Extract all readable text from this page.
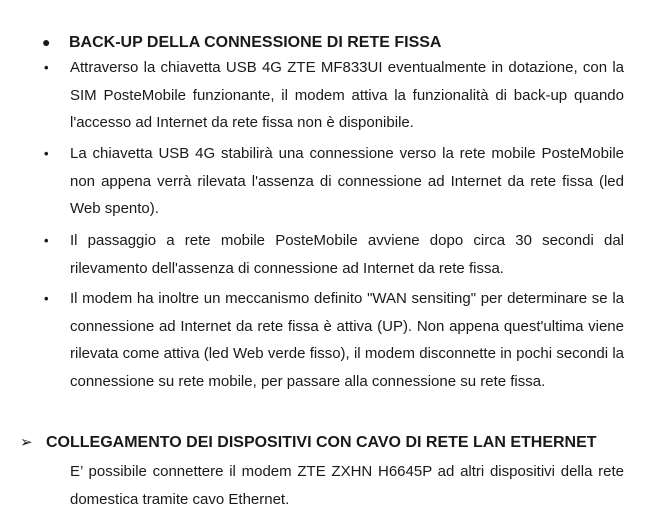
● BACK-UP DELLA CONNESSIONE DI RETE FISSA
•	Attraverso la chiavetta USB 4G ZTE MF833UI eventualmente in dotazione, con la SIM PosteMobile funzionante, il modem attiva la funzionalità di back-up quando l'accesso ad Internet da rete fissa non è disponibile.
•	La chiavetta USB 4G stabilirà una connessione verso la rete mobile PosteMobile non appena verrà rilevata l'assenza di connessione ad Internet da rete fissa (led Web spento).
•	Il passaggio a rete mobile PosteMobile avviene dopo circa 30 secondi dal rilevamento dell'assenza di connessione ad Internet da rete fissa.
•	Il modem ha inoltre un meccanismo definito "WAN sensiting" per determinare se la connessione ad Internet da rete fissa è attiva (UP). Non appena quest'ultima viene rilevata come attiva (led Web verde fisso), il modem disconnette in pochi secondi la connessione su rete mobile, per passare alla connessione su rete fissa.
➢ COLLEGAMENTO DEI DISPOSITIVI CON CAVO DI RETE LAN ETHERNET
E’ possibile connettere il modem ZTE ZXHN H6645P ad altri dispositivi della rete domestica tramite cavo Ethernet.
